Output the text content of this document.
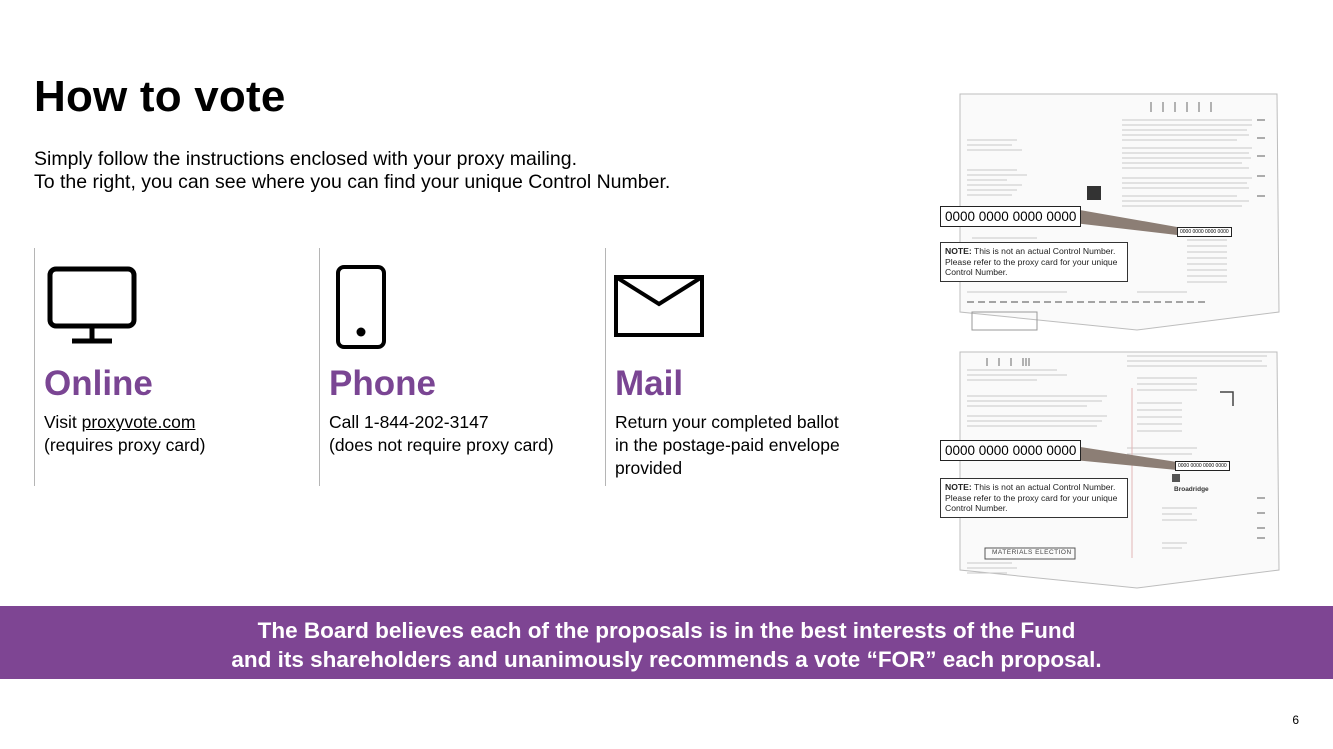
How to vote
Simply follow the instructions enclosed with your proxy mailing.
To the right, you can see where you can find your unique Control Number.
Online
Visit proxyvote.com
(requires proxy card)
Phone
Call 1-844-202-3147
(does not require proxy card)
Mail
Return your completed ballot
in the postage-paid envelope
provided
0000 0000 0000 0000
0000 0000 0000 0000
NOTE: This is not an actual Control Number. Please refer to the proxy card for your unique Control Number.
0000 0000 0000 0000
0000 0000 0000 0000
NOTE: This is not an actual Control Number. Please refer to the proxy card for your unique Control Number.
Broadridge
MATERIALS ELECTION
The Board believes each of the proposals is in the best interests of the Fund
and its shareholders and unanimously recommends a vote “FOR” each proposal.
6
